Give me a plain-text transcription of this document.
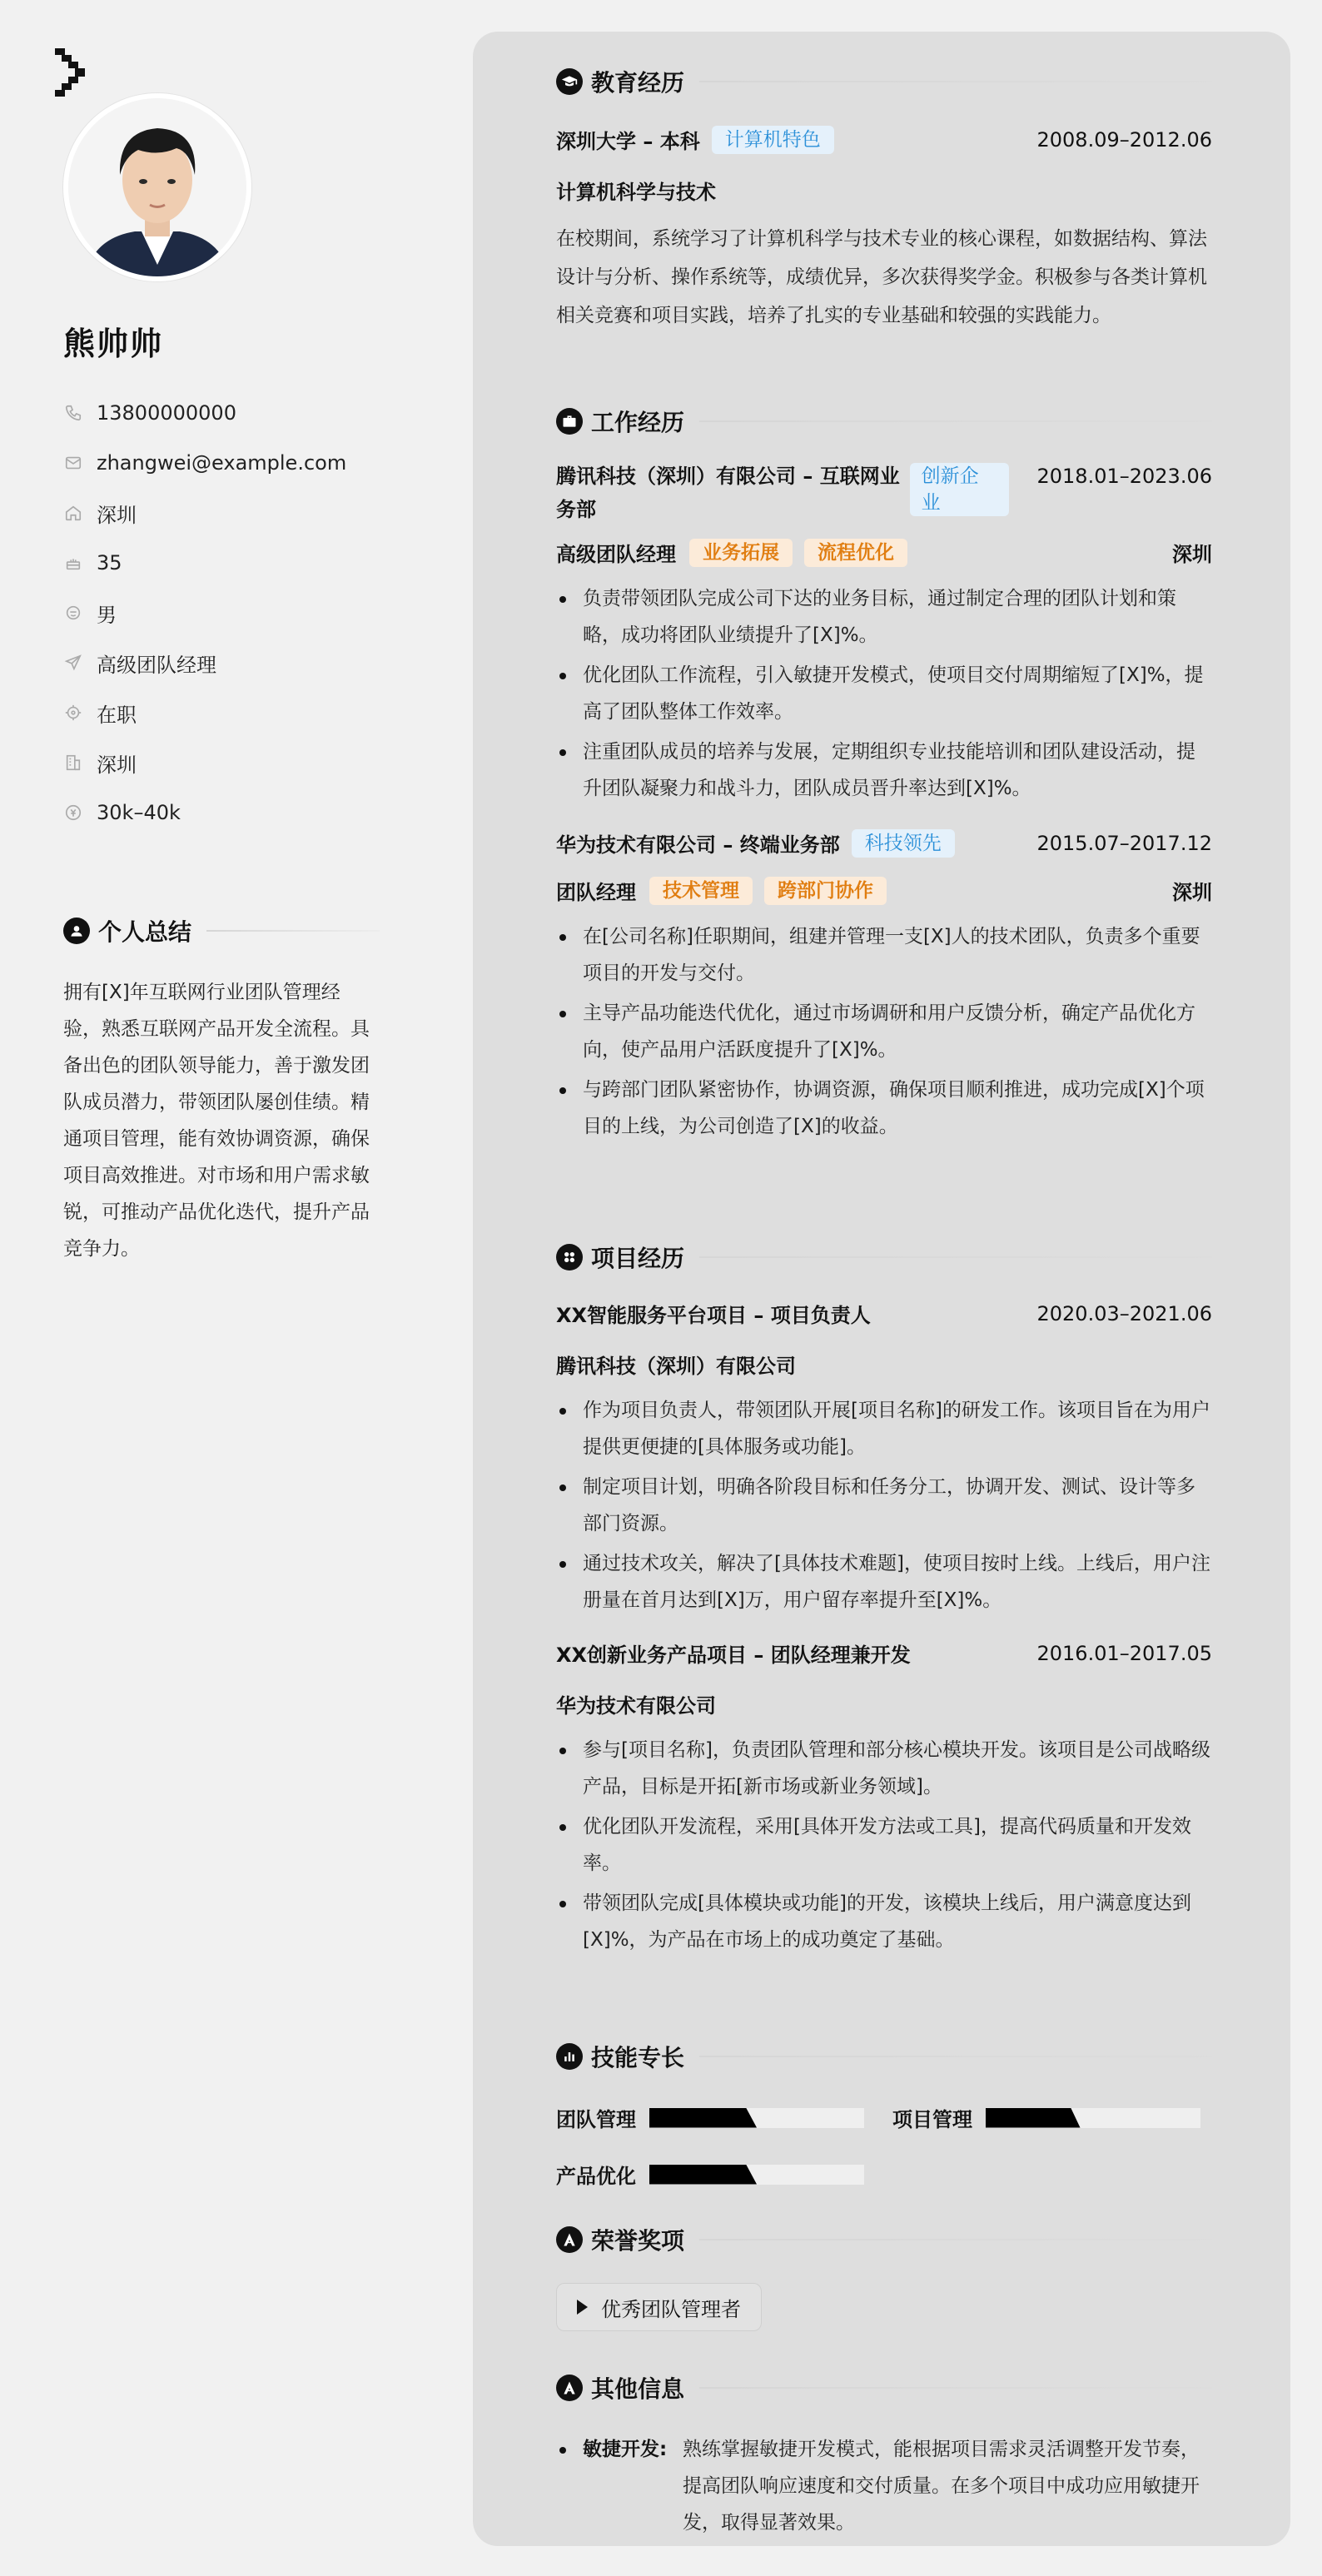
熊帅帅
13800000000
zhangwei@example.com
深圳
35
男
高级团队经理
在职
深圳
30k–40k
个人总结
拥有[X]年互联网行业团队管理经验，熟悉互联网产品开发全流程。具备出色的团队领导能力，善于激发团队成员潜力，带领团队屡创佳绩。精通项目管理，能有效协调资源，确保项目高效推进。对市场和用户需求敏锐，可推动产品优化迭代，提升产品竞争力。
教育经历
深圳大学 – 本科	计算机特色	2008.09–2012.06
计算机科学与技术
在校期间，系统学习了计算机科学与技术专业的核心课程，如数据结构、算法设计与分析、操作系统等，成绩优异，多次获得奖学金。积极参与各类计算机相关竞赛和项目实践，培养了扎实的专业基础和较强的实践能力。
工作经历
腾讯科技（深圳）有限公司 – 互联网业务部
创新企业
2018.01–2023.06
高级团队经理	业务拓展	流程优化	深圳
负责带领团队完成公司下达的业务目标，通过制定合理的团队计划和策略，成功将团队业绩提升了[X]%。
优化团队工作流程，引入敏捷开发模式，使项目交付周期缩短了[X]%，提高了团队整体工作效率。
注重团队成员的培养与发展，定期组织专业技能培训和团队建设活动，提升团队凝聚力和战斗力，团队成员晋升率达到[X]%。
华为技术有限公司 – 终端业务部	科技领先	2015.07–2017.12
团队经理	技术管理	跨部门协作	深圳
在[公司名称]任职期间，组建并管理一支[X]人的技术团队，负责多个重要项目的开发与交付。
主导产品功能迭代优化，通过市场调研和用户反馈分析，确定产品优化方向，使产品用户活跃度提升了[X]%。
与跨部门团队紧密协作，协调资源，确保项目顺利推进，成功完成[X]个项目的上线，为公司创造了[X]的收益。
项目经历
XX智能服务平台项目 – 项目负责人	2020.03–2021.06
腾讯科技（深圳）有限公司
作为项目负责人，带领团队开展[项目名称]的研发工作。该项目旨在为用户提供更便捷的[具体服务或功能]。
制定项目计划，明确各阶段目标和任务分工，协调开发、测试、设计等多部门资源。
通过技术攻关，解决了[具体技术难题]，使项目按时上线。上线后，用户注册量在首月达到[X]万，用户留存率提升至[X]%。
XX创新业务产品项目 – 团队经理兼开发	2016.01–2017.05
华为技术有限公司
参与[项目名称]，负责团队管理和部分核心模块开发。该项目是公司战略级产品，目标是开拓[新市场或新业务领域]。
优化团队开发流程，采用[具体开发方法或工具]，提高代码质量和开发效率。
带领团队完成[具体模块或功能]的开发，该模块上线后，用户满意度达到[X]%，为产品在市场上的成功奠定了基础。
技能专长
团队管理	项目管理
产品优化
荣誉奖项
优秀团队管理者
其他信息
敏捷开发: 熟练掌握敏捷开发模式，能根据项目需求灵活调整开发节奏，提高团队响应速度和交付质量。在多个项目中成功应用敏捷开发，取得显著效果。
